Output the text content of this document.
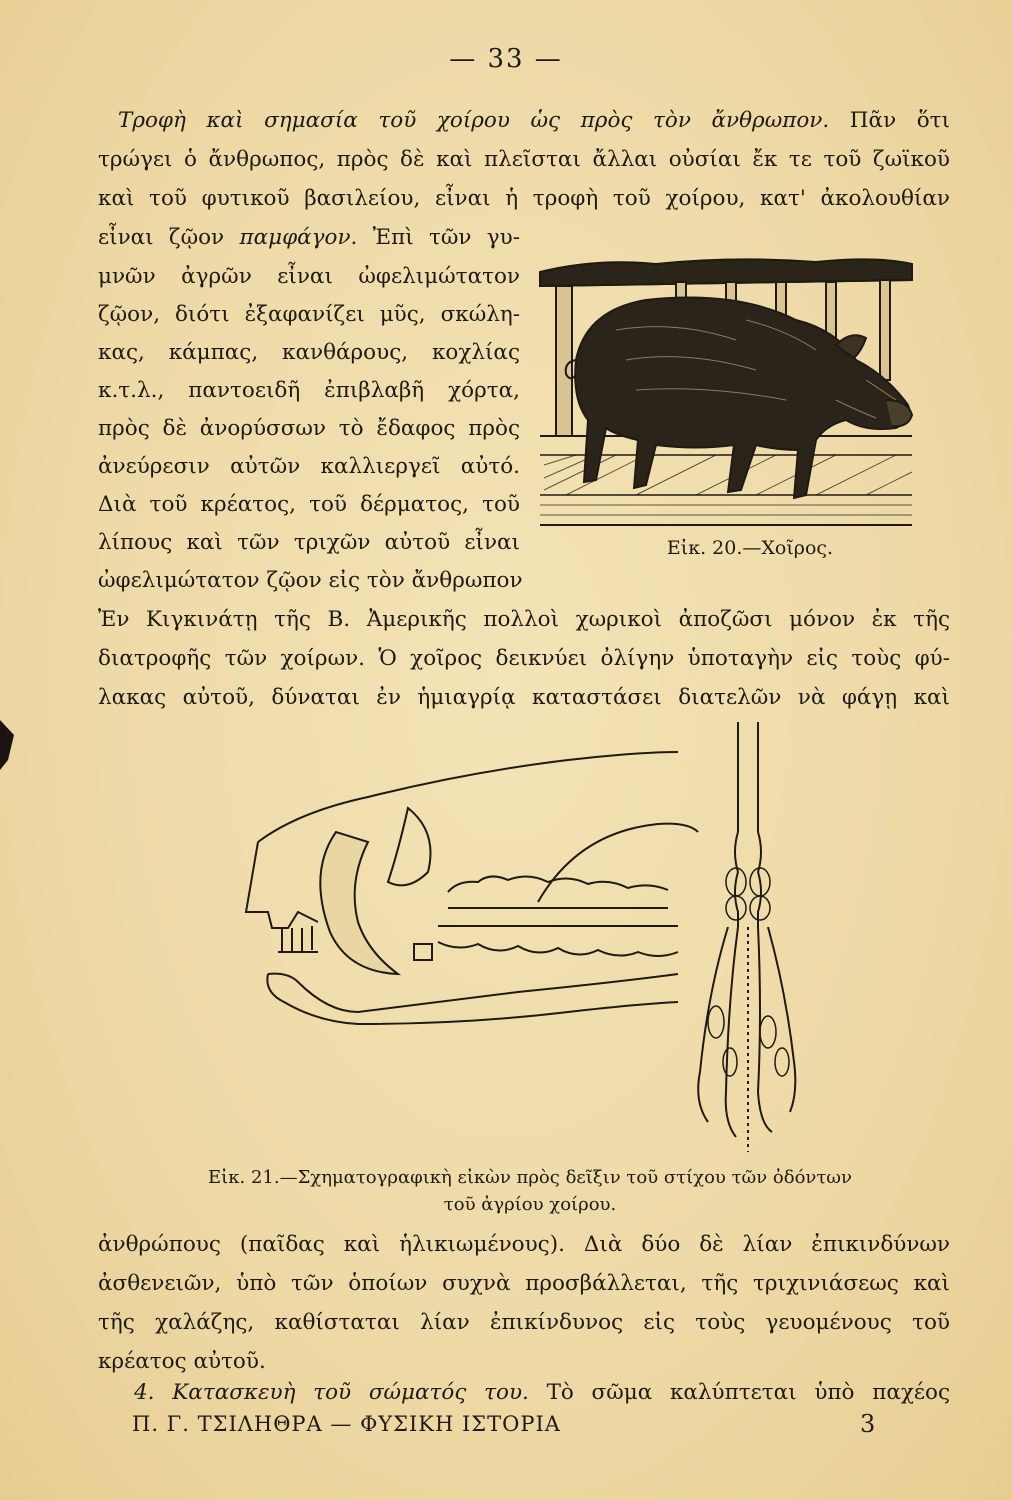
— 33 —
Τροφὴ καὶ σημασία τοῦ χοίρου ὡς πρὸς τὸν ἄνθρωπον. Πᾶν ὅτι
τρώγει ὁ ἄνθρωπος, πρὸς δὲ καὶ πλεῖσται ἄλλαι οὐσίαι ἔκ τε τοῦ ζωϊκοῦ
καὶ τοῦ φυτικοῦ βασιλείου, εἶναι ἡ τροφὴ τοῦ χοίρου, κατ' ἀκολουθίαν
εἶναι ζῷον παμφάγον. Ἐπὶ τῶν γυ-
μνῶν ἀγρῶν εἶναι ὠφελιμώτατον
ζῷον, διότι ἐξαφανίζει μῦς, σκώλη-
κας, κάμπας, κανθάρους, κοχλίας
κ.τ.λ., παντοειδῆ ἐπιβλαβῆ χόρτα,
πρὸς δὲ ἀνορύσσων τὸ ἔδαφος πρὸς
ἀνεύρεσιν αὐτῶν καλλιεργεῖ αὐτό.
Διὰ τοῦ κρέατος, τοῦ δέρματος, τοῦ
λίπους καὶ τῶν τριχῶν αὐτοῦ εἶναι
ὠφελιμώτατον ζῷον εἰς τὸν ἄνθρωπον
Ἐν Κιγκινάτῃ τῆς Β. Ἀμερικῆς πολλοὶ χωρικοὶ ἀποζῶσι μόνον ἐκ τῆς
διατροφῆς τῶν χοίρων. Ὁ χοῖρος δεικνύει ὀλίγην ὑποταγὴν εἰς τοὺς φύ-
λακας αὐτοῦ, δύναται ἐν ἡμιαγρίᾳ καταστάσει διατελῶν νὰ φάγῃ καὶ
Εἰκ. 20.—Χοῖρος.
Εἰκ. 21.—Σχηματογραφικὴ εἰκὼν πρὸς δεῖξιν τοῦ στίχου τῶν ὀδόντων
τοῦ ἀγρίου χοίρου.
ἀνθρώπους (παῖδας καὶ ἡλικιωμένους). Διὰ δύο δὲ λίαν ἐπικινδύνων
ἀσθενειῶν, ὑπὸ τῶν ὁποίων συχνὰ προσβάλλεται, τῆς τριχινιάσεως καὶ
τῆς χαλάζης, καθίσταται λίαν ἐπικίνδυνος εἰς τοὺς γευομένους τοῦ
κρέατος αὐτοῦ.
4. Κατασκευὴ τοῦ σώματός του. Τὸ σῶμα καλύπτεται ὑπὸ παχέος
Π. Γ. ΤΣΙΛΗΘΡΑ — ΦΥΣΙΚΗ ΙΣΤΟΡΙΑ	3
